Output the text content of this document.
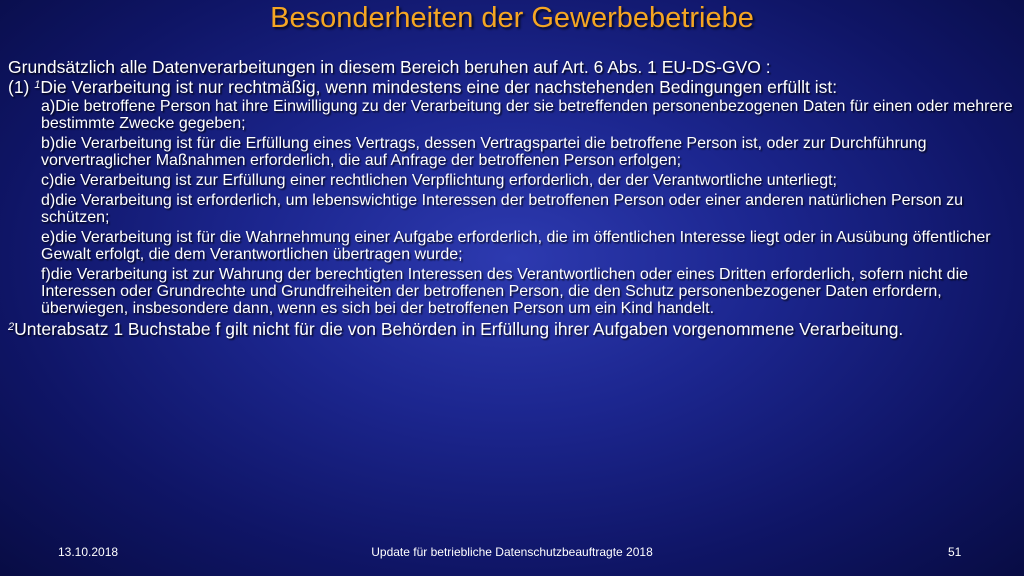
Besonderheiten der Gewerbebetriebe

Grundsätzlich alle Datenverarbeitungen in diesem Bereich beruhen auf Art. 6 Abs. 1 EU-DS-GVO :

(1) $^1$Die Verarbeitung ist nur rechtmäßig, wenn mindestens eine der nachstehenden Bedingungen erfüllt ist:

a)Die betroffene Person hat ihre Einwilligung zu der Verarbeitung der sie betreffenden personenbezogenen Daten für einen oder mehrere bestimmte Zwecke gegeben;

b)die Verarbeitung ist für die Erfüllung eines Vertrags, dessen Vertragspartei die betroffene Person ist, oder zur Durchführung vorvertraglicher Maßnahmen erforderlich, die auf Anfrage der betroffenen Person erfolgen;

c)die Verarbeitung ist zur Erfüllung einer rechtlichen Verpflichtung erforderlich, der der Verantwortliche unterliegt;

d)die Verarbeitung ist erforderlich, um lebenswichtige Interessen der betroffenen Person oder einer anderen natürlichen Person zu schützen;

e)die Verarbeitung ist für die Wahrnehmung einer Aufgabe erforderlich, die im öffentlichen Interesse liegt oder in Ausübung öffentlicher Gewalt erfolgt, die dem Verantwortlichen übertragen wurde;

f)die Verarbeitung ist zur Wahrung der berechtigten Interessen des Verantwortlichen oder eines Dritten erforderlich, sofern nicht die Interessen oder Grundrechte und Grundfreiheiten der betroffenen Person, die den Schutz personenbezogener Daten erfordern, überwiegen, insbesondere dann, wenn es sich bei der betroffenen Person um ein Kind handelt.

$^2$Unterabsatz 1 Buchstabe f gilt nicht für die von Behörden in Erfüllung ihrer Aufgaben vorgenommene Verarbeitung.

13.10.2018	Update für betriebliche Datenschutzbeauftragte 2018	51
